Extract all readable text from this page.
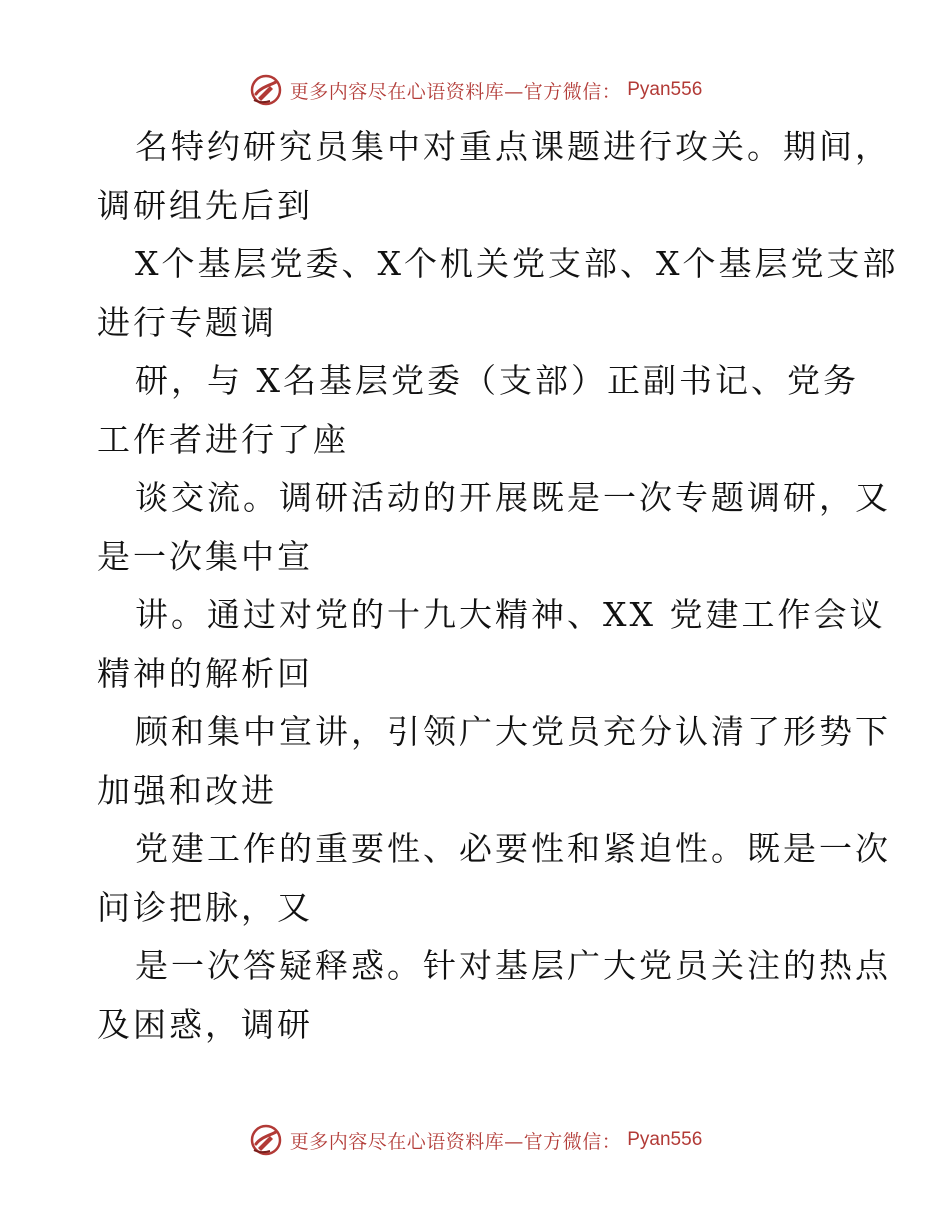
更多内容尽在心语资料库—官方微信： Pyan556
名特约研究员集中对重点课题进行攻关。期间，
调研组先后到
X个基层党委、X个机关党支部、X个基层党支部
进行专题调
研，与 X名基层党委（支部）正副书记、党务
工作者进行了座
谈交流。调研活动的开展既是一次专题调研，又
是一次集中宣
讲。通过对党的十九大精神、XX 党建工作会议
精神的解析回
顾和集中宣讲，引领广大党员充分认清了形势下
加强和改进
党建工作的重要性、必要性和紧迫性。既是一次
问诊把脉，又
是一次答疑释惑。针对基层广大党员关注的热点
及困惑，调研
更多内容尽在心语资料库—官方微信： Pyan556
